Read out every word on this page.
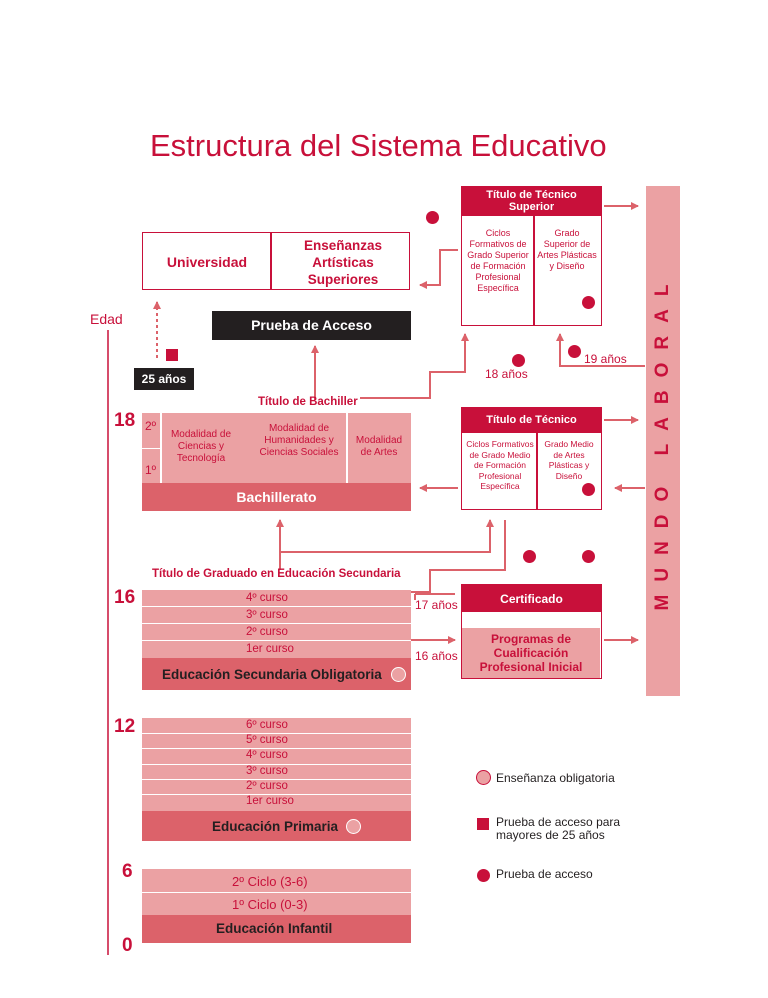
Estructura del Sistema Educativo
Edad
18
16
12
6
0
Universidad
Enseñanzas Artísticas Superiores
Prueba de Acceso
25 años
Título de Bachiller
2º
1º
Modalidad de Ciencias y Tecnología
Modalidad de Humanidades y Ciencias Sociales
Modalidad de Artes
Bachillerato
Título de Técnico Superior
Ciclos Formativos de Grado Superior de Formación Profesional Específica
Grado Superior de Artes Plásticas y Diseño
18 años
19 años
Título de Técnico
Ciclos Formativos de Grado Medio de Formación Profesional Específica
Grado Medio de Artes Plásticas y Diseño
Título de Graduado en Educación Secundaria
4º curso
3º curso
2º curso
1er curso
Educación Secundaria Obligatoria
17 años
16 años
Certificado
Programas de Cualificación Profesional Inicial
6º curso
5º curso
4º curso
3º curso
2º curso
1er curso
Educación Primaria
2º Ciclo (3-6)
1º Ciclo (0-3)
Educación Infantil
Enseñanza obligatoria
Prueba de acceso para mayores de 25 años
Prueba de acceso
MUNDO LABORAL
